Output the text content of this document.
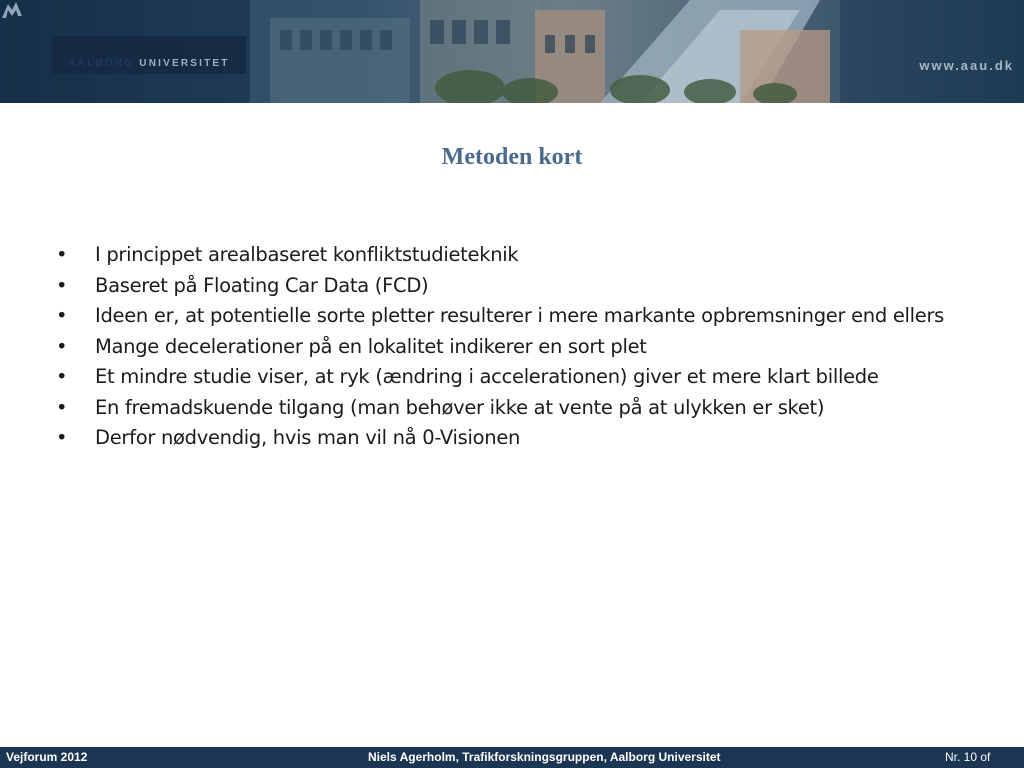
AALBORG UNIVERSITET	www.aau.dk
Metoden kort
•	I princippet arealbaseret konfliktstudieteknik
•	Baseret på Floating Car Data (FCD)
•	Ideen er, at potentielle sorte pletter resulterer i mere markante opbremsninger end ellers
•	Mange decelerationer på en lokalitet indikerer en sort plet
•	Et mindre studie viser, at ryk (ændring i accelerationen) giver et mere klart billede
•	En fremadskuende tilgang (man behøver ikke at vente på at ulykken er sket)
•	Derfor nødvendig, hvis man vil nå 0-Visionen
Vejforum 2012	Niels Agerholm, Trafikforskningsgruppen, Aalborg Universitet	Nr. 10 of
